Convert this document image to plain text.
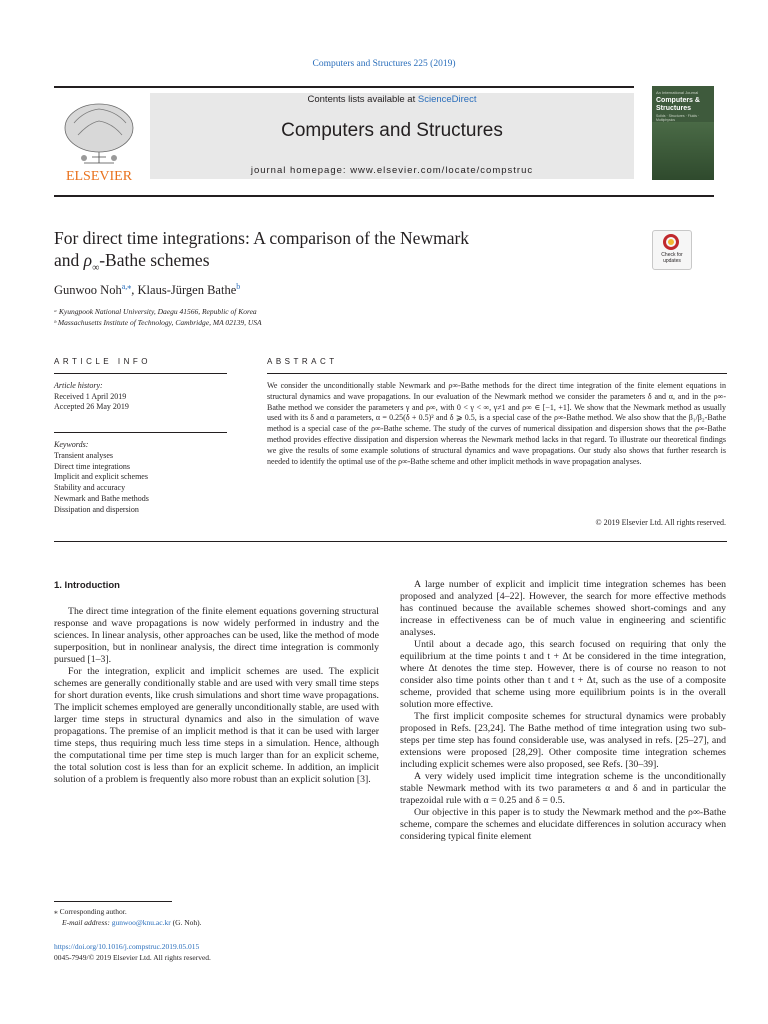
Computers and Structures 225 (2019)
ELSEVIER
Contents lists available at ScienceDirect
Computers and Structures
journal homepage: www.elsevier.com/locate/compstruc
An International Journal
Computers & Structures
Solids · Structures · Fluids · Multiphysics
For direct time integrations: A comparison of the Newmark
and $\rho_\infty$-Bathe schemes	Check for updates
Gunwoo Noh$^{a,⁎}$, Klaus-Jürgen Bathe$^b$
ᵃ Kyungpook National University, Daegu 41566, Republic of Korea
ᵇ Massachusetts Institute of Technology, Cambridge, MA 02139, USA
ARTICLE INFO	ABSTRACT
Article history:
Received 1 April 2019
Accepted 26 May 2019
Keywords:
Transient analyses
Direct time integrations
Implicit and explicit schemes
Stability and accuracy
Newmark and Bathe methods
Dissipation and dispersion
We consider the unconditionally stable Newmark and ρ∞-Bathe methods for the direct time integration of the finite element equations in structural dynamics and wave propagations. In our evaluation of the Newmark method we consider the parameters δ and α, and in the ρ∞-Bathe method we consider the parameters γ and ρ∞, with 0 < γ < ∞, γ≠1 and ρ∞ ∈ [−1, +1]. We show that the Newmark method as usually used with its δ and α parameters, α = 0.25(δ + 0.5)² and δ ⩾ 0.5, is a special case of the ρ∞-Bathe method. We also show that the β₁/β₂-Bathe method is a special case of the ρ∞-Bathe scheme. The study of the curves of numerical dissipation and dispersion shows that the ρ∞-Bathe method provides effective dissipation and dispersion whereas the Newmark method lacks in that regard. To illustrate our theoretical findings we give the results of some example solutions of structural dynamics and wave propagations. Our study also shows that further research is needed to identify the optimal use of the ρ∞-Bathe scheme and other implicit methods in wave propagation analyses.
© 2019 Elsevier Ltd. All rights reserved.
1. Introduction

The direct time integration of the finite element equations governing structural response and wave propagations is now widely performed in industry and the sciences. In linear analysis, other approaches can be used, like the method of mode superposition, but in nonlinear analysis, the direct time integration is commonly pursued [1–3].

For the integration, explicit and implicit schemes are used. The explicit schemes are generally conditionally stable and are used with very small time steps for short duration events, like crush simulations and short time wave propagations. The implicit schemes employed are generally unconditionally stable, are used with larger time steps in structural dynamics and also in the simulation of wave propagations. The premise of an implicit method is that it can be used with larger time steps, thus requiring much less time steps in a simulation. Hence, although the computational time per time step is much larger than for an explicit scheme, the total solution cost is less than for an explicit scheme. In addition, an implicit solution of a problem is frequently also more robust than an explicit solution [3].

A large number of explicit and implicit time integration schemes has been proposed and analyzed [4–22]. However, the search for more effective methods has continued because the available schemes showed short-comings and any increase in effectiveness can be of much value in engineering and scientific analyses.

Until about a decade ago, this search focused on requiring that only the equilibrium at the time points t and t + Δt be considered in the time integration, where Δt denotes the time step. However, there is of course no reason to not consider also time points other than t and t + Δt, such as the use of a composite scheme, provided that scheme using more equilibrium points is in the overall solution more effective.

The first implicit composite schemes for structural dynamics were probably proposed in Refs. [23,24]. The Bathe method of time integration using two sub-steps per time step has found considerable use, was analysed in refs. [25–27], and extensions were proposed [28,29]. Other composite time integration schemes including explicit schemes were also proposed, see Refs. [30–39].

A very widely used implicit time integration scheme is the unconditionally stable Newmark method with its two parameters α and δ and in particular the trapezoidal rule with α = 0.25 and δ = 0.5.

Our objective in this paper is to study the Newmark method and the ρ∞-Bathe scheme, compare the schemes and elucidate differences in solution accuracy when considering typical finite element

⁎ Corresponding author.
E-mail address: gunwoo@knu.ac.kr (G. Noh).
https://doi.org/10.1016/j.compstruc.2019.05.015
0045-7949/© 2019 Elsevier Ltd. All rights reserved.
